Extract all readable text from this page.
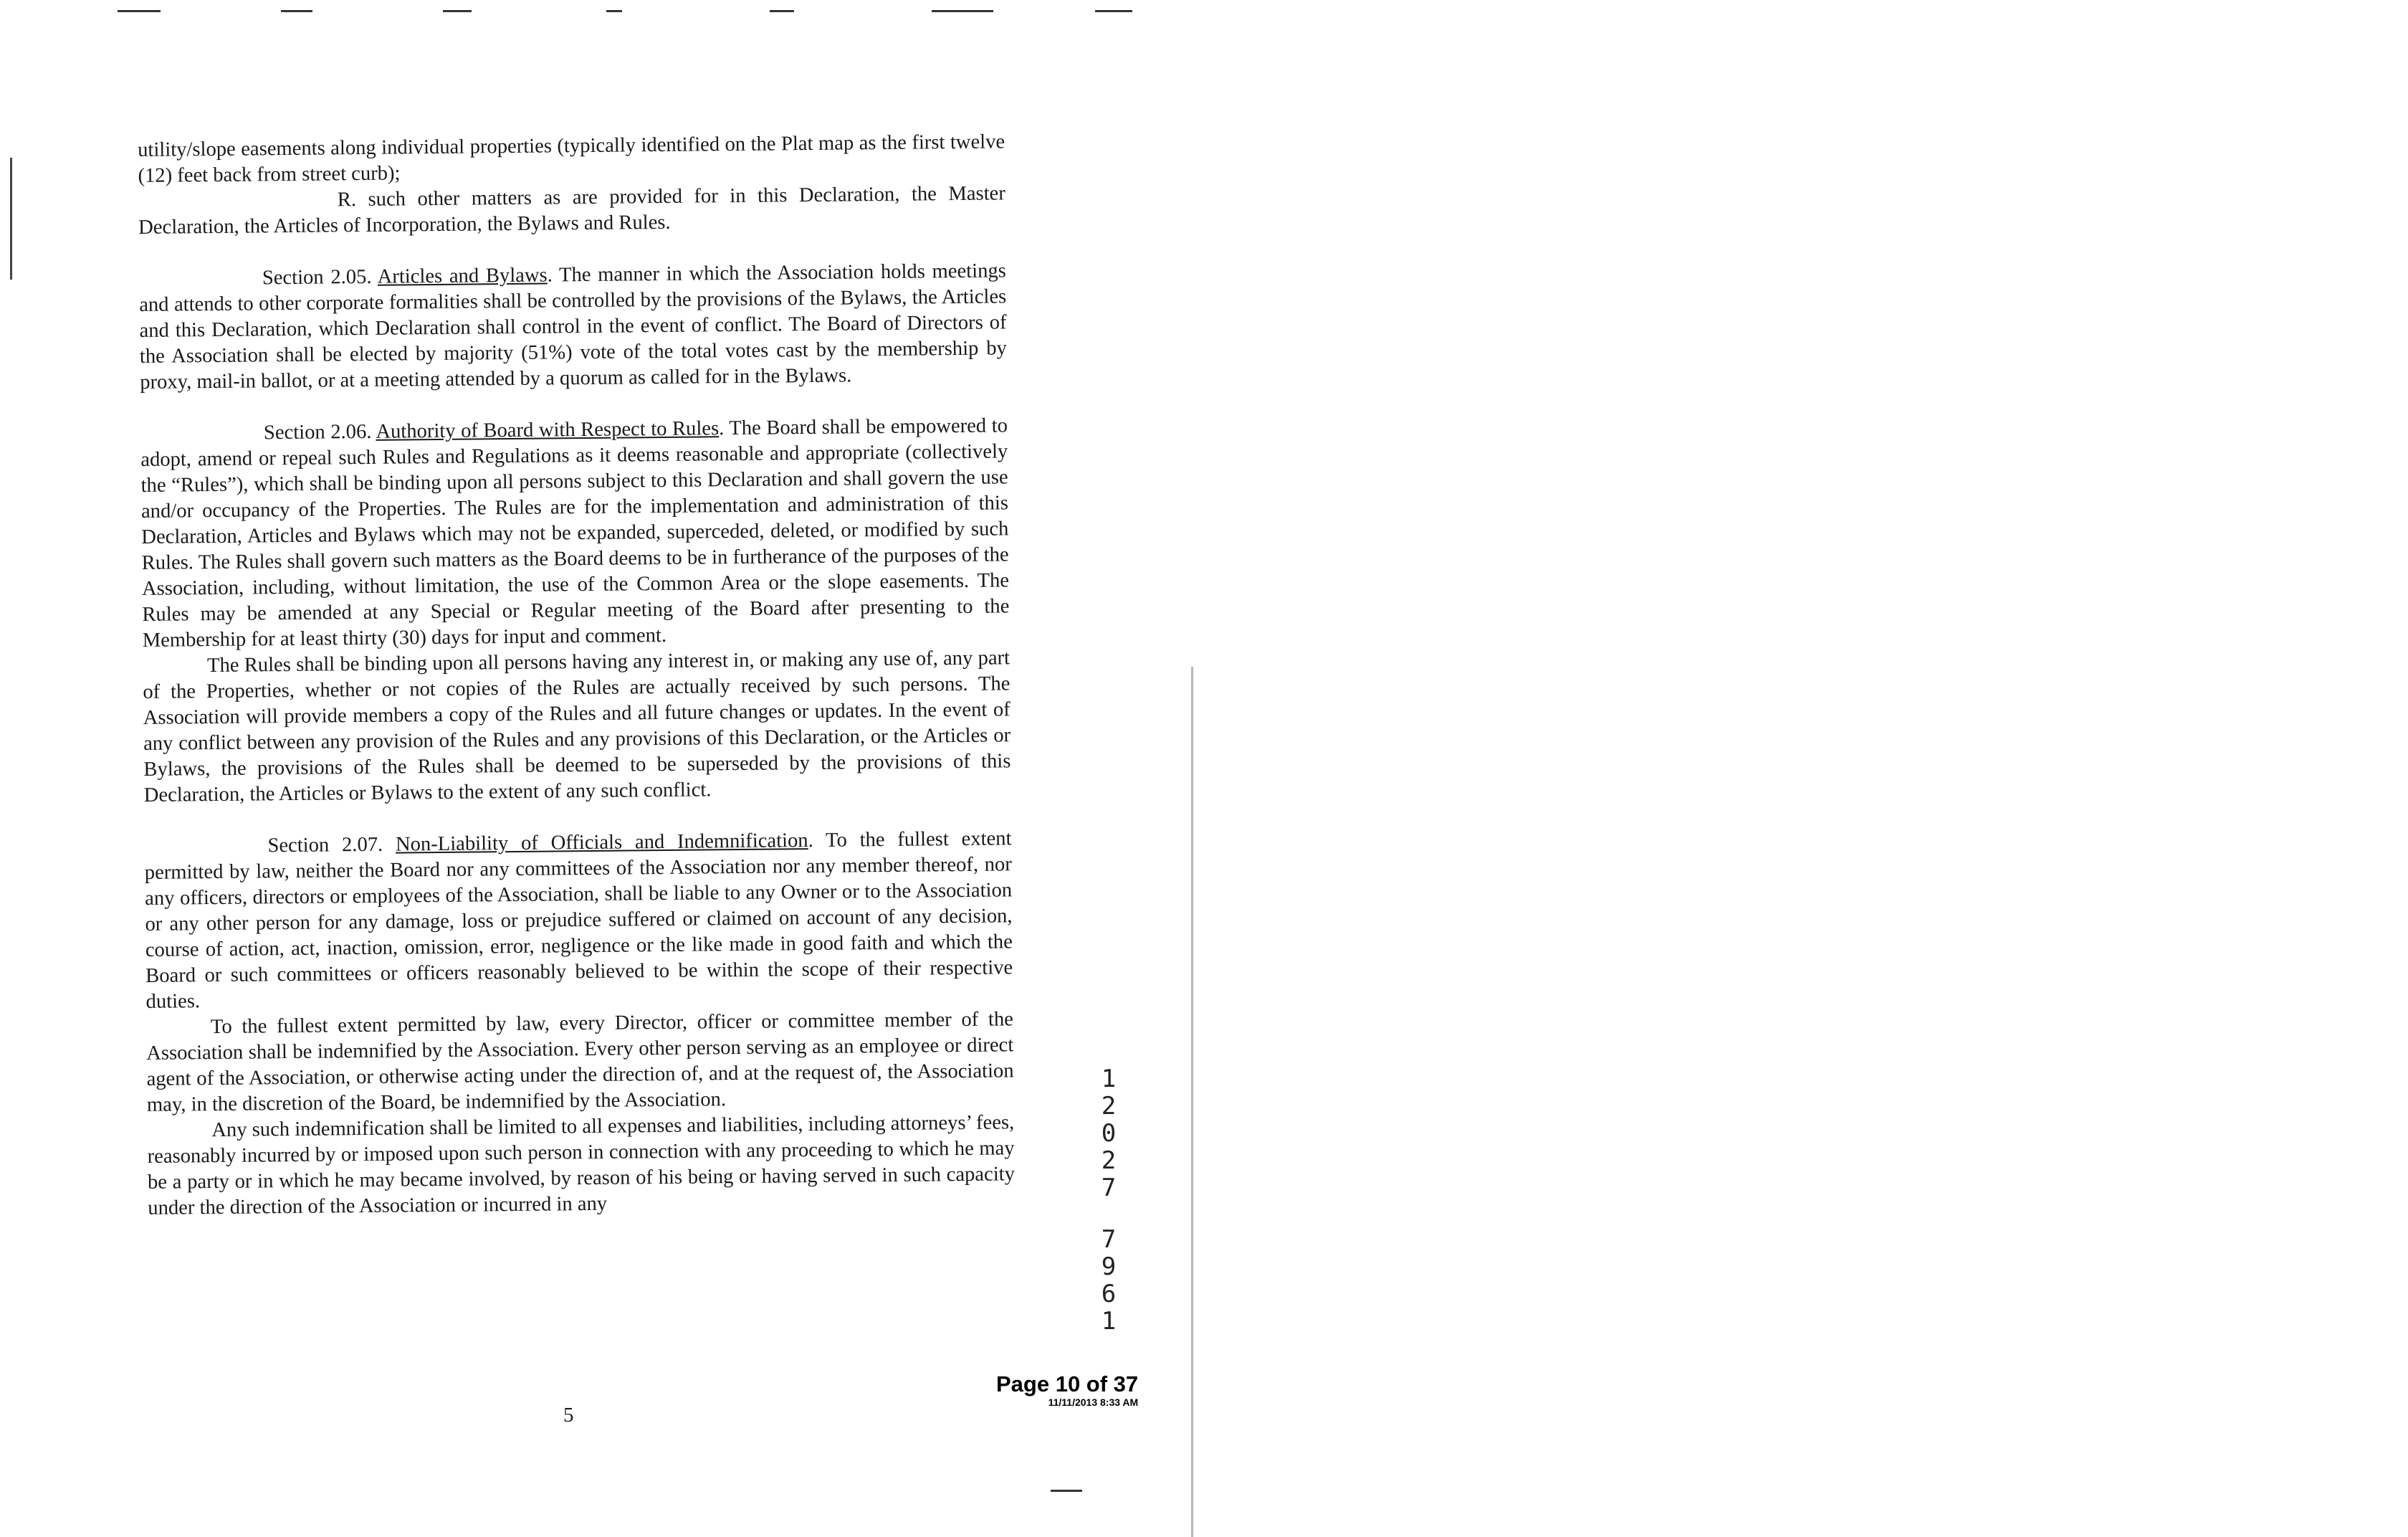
utility/slope easements along individual properties (typically identified on the Plat map as the first twelve (12) feet back from street curb);

R. such other matters as are provided for in this Declaration, the Master Declaration, the Articles of Incorporation, the Bylaws and Rules.

Section 2.05. Articles and Bylaws. The manner in which the Association holds meetings and attends to other corporate formalities shall be controlled by the provisions of the Bylaws, the Articles and this Declaration, which Declaration shall control in the event of conflict. The Board of Directors of the Association shall be elected by majority (51%) vote of the total votes cast by the membership by proxy, mail-in ballot, or at a meeting attended by a quorum as called for in the Bylaws.

Section 2.06. Authority of Board with Respect to Rules. The Board shall be empowered to adopt, amend or repeal such Rules and Regulations as it deems reasonable and appropriate (collectively the “Rules”), which shall be binding upon all persons subject to this Declaration and shall govern the use and/or occupancy of the Properties. The Rules are for the implementation and administration of this Declaration, Articles and Bylaws which may not be expanded, superceded, deleted, or modified by such Rules. The Rules shall govern such matters as the Board deems to be in furtherance of the purposes of the Association, including, without limitation, the use of the Common Area or the slope easements. The Rules may be amended at any Special or Regular meeting of the Board after presenting to the Membership for at least thirty (30) days for input and comment.

The Rules shall be binding upon all persons having any interest in, or making any use of, any part of the Properties, whether or not copies of the Rules are actually received by such persons. The Association will provide members a copy of the Rules and all future changes or updates. In the event of any conflict between any provision of the Rules and any provisions of this Declaration, or the Articles or Bylaws, the provisions of the Rules shall be deemed to be superseded by the provisions of this Declaration, the Articles or Bylaws to the extent of any such conflict.

Section 2.07. Non-Liability of Officials and Indemnification. To the fullest extent permitted by law, neither the Board nor any committees of the Association nor any member thereof, nor any officers, directors or employees of the Association, shall be liable to any Owner or to the Association or any other person for any damage, loss or prejudice suffered or claimed on account of any decision, course of action, act, inaction, omission, error, negligence or the like made in good faith and which the Board or such committees or officers reasonably believed to be within the scope of their respective duties.

To the fullest extent permitted by law, every Director, officer or committee member of the Association shall be indemnified by the Association. Every other person serving as an employee or direct agent of the Association, or otherwise acting under the direction of, and at the request of, the Association may, in the discretion of the Board, be indemnified by the Association.

Any such indemnification shall be limited to all expenses and liabilities, including attorneys’ fees, reasonably incurred by or imposed upon such person in connection with any proceeding to which he may be a party or in which he may became involved, by reason of his being or having served in such capacity under the direction of the Association or incurred in any

1
2
0
2
7
7
9
6
1
Page 10 of 37
11/11/2013 8:33 AM
5
